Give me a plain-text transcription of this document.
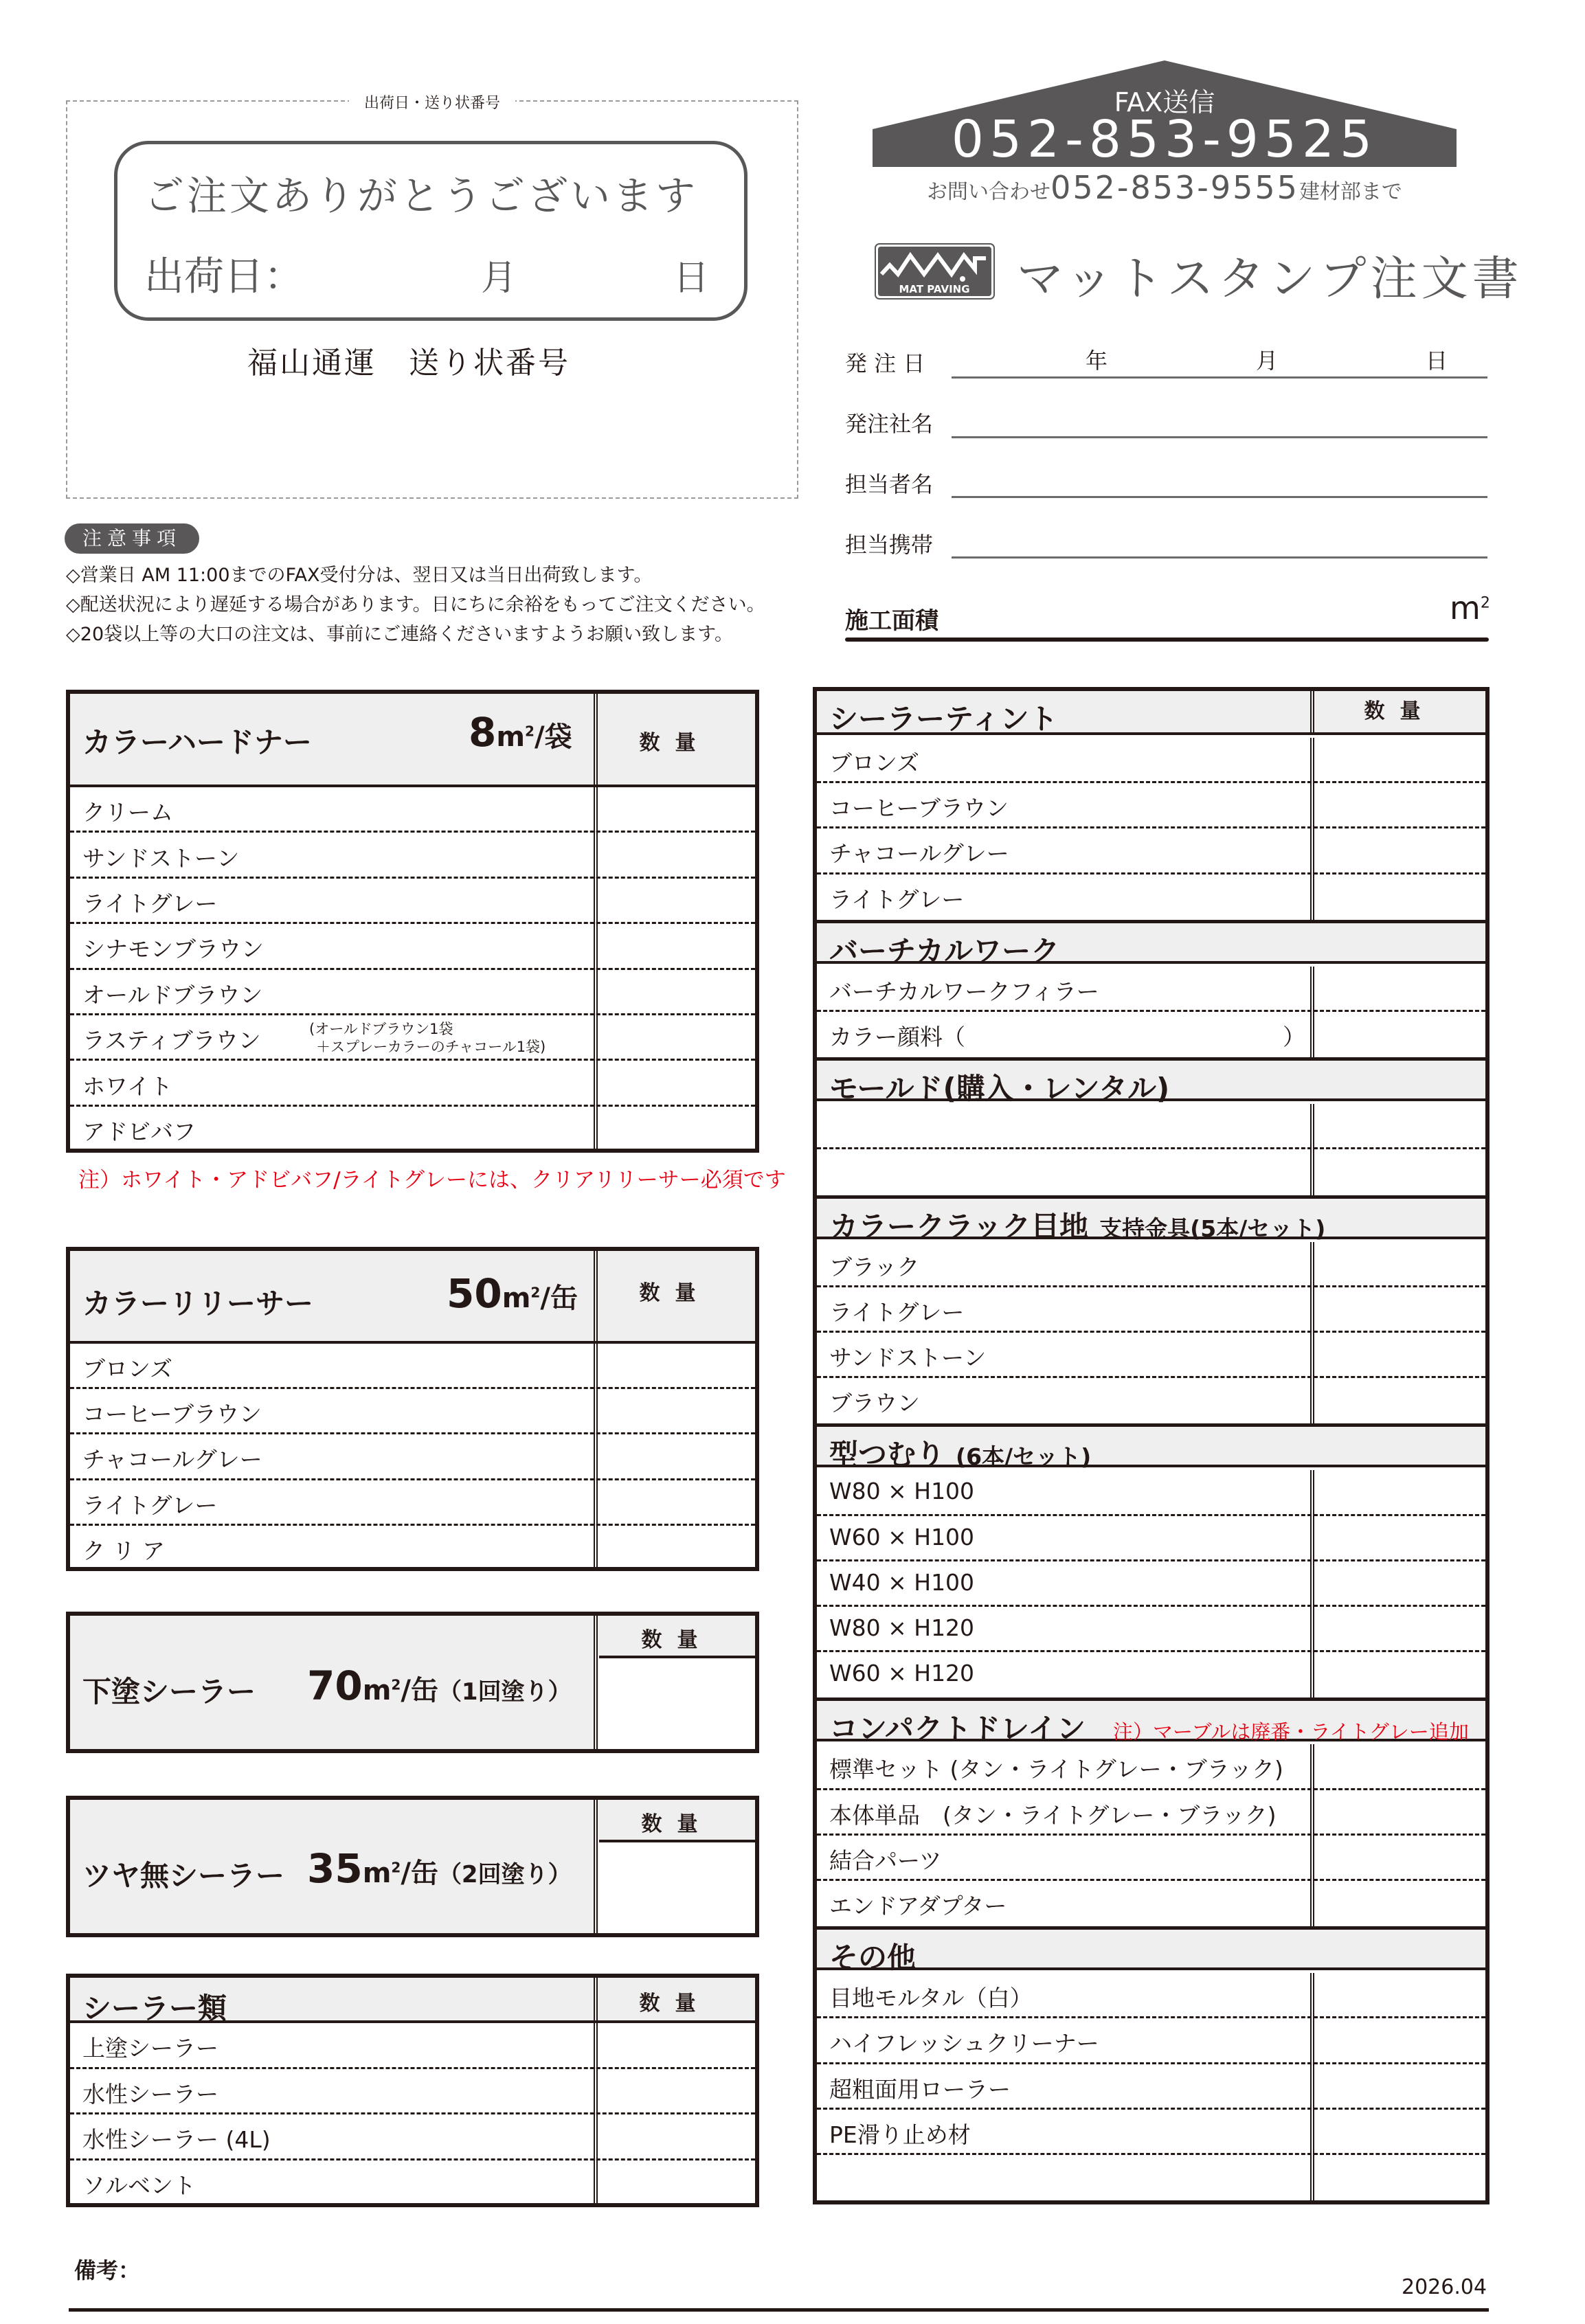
出荷日・送り状番号
ご注文ありがとうございます
出荷日：	月	日
福山通運　送り状番号
注意事項
◇営業日 AM 11:00までのFAX受付分は、翌日又は当日出荷致します。
◇配送状況により遅延する場合があります。日にちに余裕をもってご注文ください。
◇20袋以上等の大口の注文は、事前にご連絡くださいますようお願い致します。
FAX送信
052-853-9525
お問い合わせ052-853-9555建材部まで
MAT PAVING マットスタンプ注文書
発 注 日	年	月	日
発注社名
担当者名
担当携帯
施工面積	$m^2$
カラーハードナー	$8m^2/$袋	数量
クリーム
サンドストーン
ライトグレー
シナモンブラウン
オールドブラウン
ラスティブラウン	(オールドブラウン1袋
＋スプレーカラーのチャコール1袋)
ホワイト
アドビバフ
注）ホワイト・アドビバフ/ライトグレーには、クリアリリーサー必須です
カラーリリーサー	$50m^2/$缶	数量
ブロンズ
コーヒーブラウン
チャコールグレー
ライトグレー
ク リ ア
下塗シーラー $70m^2/$缶（1回塗り）
数量
ツヤ無シーラー $35m^2/$缶（2回塗り）
数量
シーラー類	数量
上塗シーラー
水性シーラー
水性シーラー (4L)
ソルベント
シーラーティント	数量
ブロンズ
コーヒーブラウン
チャコールグレー
ライトグレー
バーチカルワーク
バーチカルワークフィラー
カラー顔料（	）
モールド(購入・レンタル)
カラークラック目地 支持金具(5本/セット)
ブラック
ライトグレー
サンドストーン
ブラウン
型つむり (6本/セット)
W80 × H100
W60 × H100
W40 × H100
W80 × H120
W60 × H120
コンパクトドレイン 注）マーブルは廃番・ライトグレー追加
標準セット (タン・ライトグレー・ブラック)
本体単品　(タン・ライトグレー・ブラック)
結合パーツ
エンドアダプター
その他
目地モルタル（白）
ハイフレッシュクリーナー
超粗面用ローラー
PE滑り止め材
備考：
2026.04
